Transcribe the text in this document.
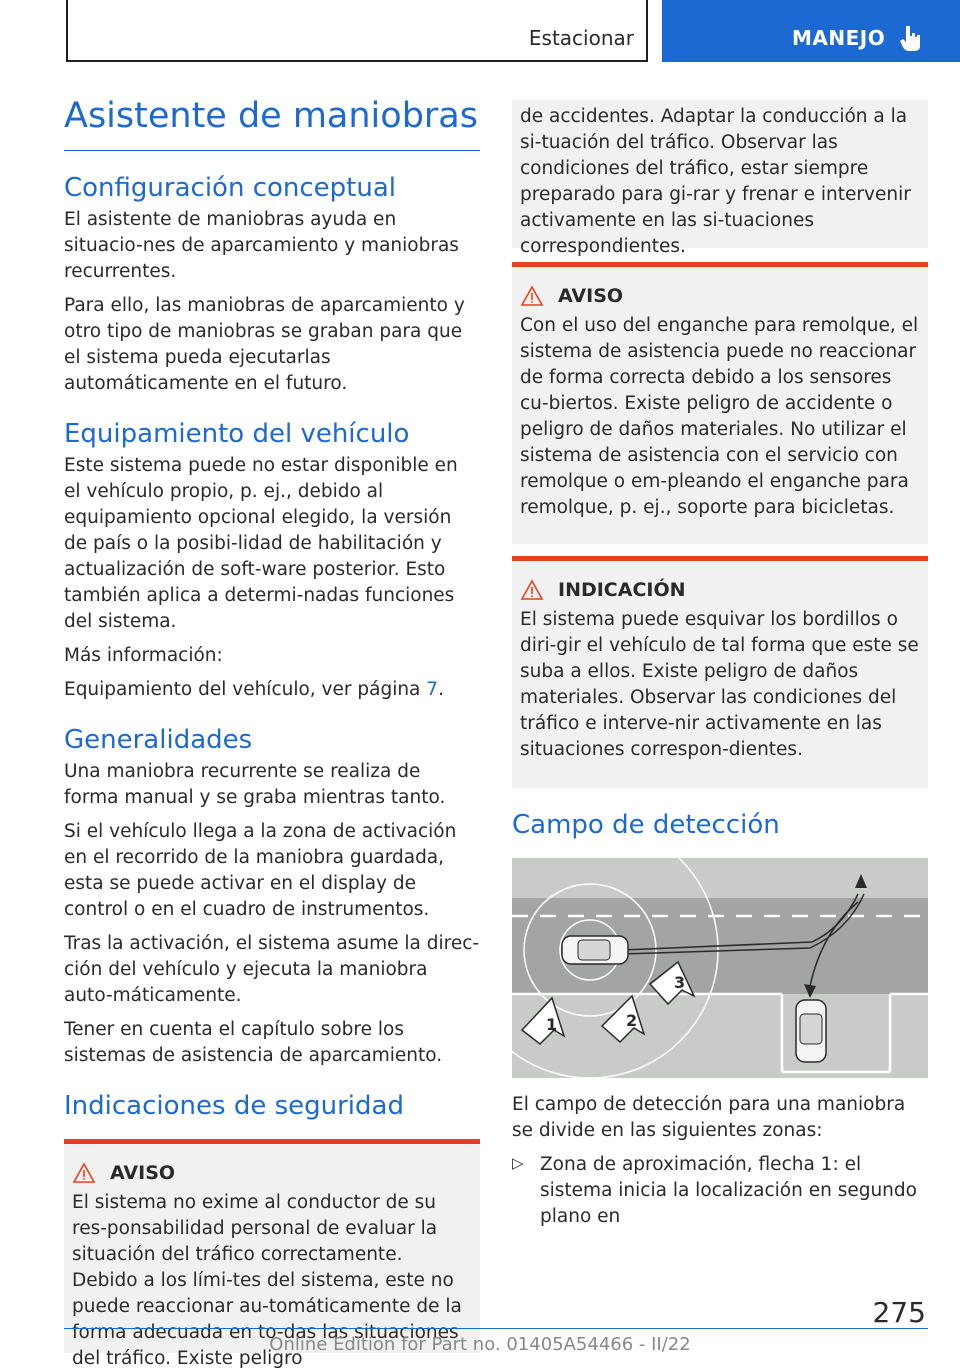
Estacionar	MANEJO
Asistente de maniobras
Configuración conceptual

El asistente de maniobras ayuda en situacio-nes de aparcamiento y maniobras recurrentes.

Para ello, las maniobras de aparcamiento y otro tipo de maniobras se graban para que el sistema pueda ejecutarlas automáticamente en el futuro.

Equipamiento del vehículo

Este sistema puede no estar disponible en el vehículo propio, p. ej., debido al equipamiento opcional elegido, la versión de país o la posibi-lidad de habilitación y actualización de soft-ware posterior. Esto también aplica a determi-nadas funciones del sistema.

Más información:

Equipamiento del vehículo, ver página 7.

Generalidades

Una maniobra recurrente se realiza de forma manual y se graba mientras tanto.

Si el vehículo llega a la zona de activación en el recorrido de la maniobra guardada, esta se puede activar en el display de control o en el cuadro de instrumentos.

Tras la activación, el sistema asume la direc-ción del vehículo y ejecuta la maniobra auto-máticamente.

Tener en cuenta el capítulo sobre los sistemas de asistencia de aparcamiento.

Indicaciones de seguridad
AVISO

El sistema no exime al conductor de su res-ponsabilidad personal de evaluar la situación del tráfico correctamente. Debido a los lími-tes del sistema, este no puede reaccionar au-tomáticamente de la forma adecuada en to-das las situaciones del tráfico. Existe peligro

de accidentes. Adaptar la conducción a la si-tuación del tráfico. Observar las condiciones del tráfico, estar siempre preparado para gi-rar y frenar e intervenir activamente en las si-tuaciones correspondientes.

AVISO

Con el uso del enganche para remolque, el sistema de asistencia puede no reaccionar de forma correcta debido a los sensores cu-biertos. Existe peligro de accidente o peligro de daños materiales. No utilizar el sistema de asistencia con el servicio con remolque o em-pleando el enganche para remolque, p. ej., soporte para bicicletas.

INDICACIÓN

El sistema puede esquivar los bordillos o diri-gir el vehículo de tal forma que este se suba a ellos. Existe peligro de daños materiales. Observar las condiciones del tráfico e interve-nir activamente en las situaciones correspon-dientes.

Campo de detección
1	2
3

El campo de detección para una maniobra se divide en las siguientes zonas:

▷ Zona de aproximación, flecha 1: el sistema inicia la localización en segundo plano en

275
Online Edition for Part no. 01405A54466 - II/22
